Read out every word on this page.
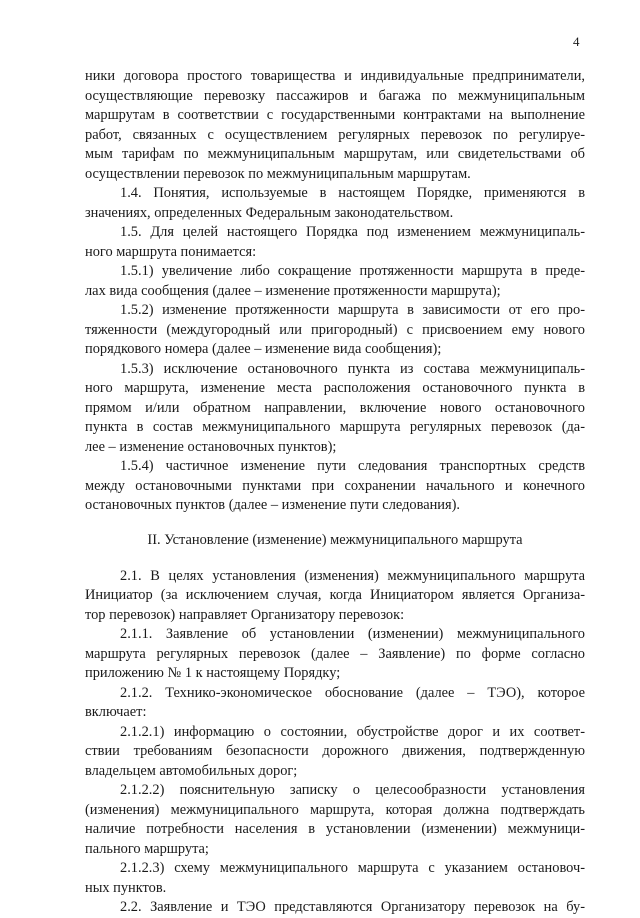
4
ники договора простого товарищества и индивидуальные предприниматели,
осуществляющие перевозку пассажиров и багажа по межмуниципальным
маршрутам в соответствии с государственными контрактами на выполнение
работ, связанных с осуществлением регулярных перевозок по регулируе-
мым тарифам по межмуниципальным маршрутам, или свидетельствами об
осуществлении перевозок по межмуниципальным маршрутам.
1.4. Понятия, используемые в настоящем Порядке, применяются в
значениях, определенных Федеральным законодательством.
1.5. Для целей настоящего Порядка под изменением межмуниципаль-
ного маршрута понимается:
1.5.1) увеличение либо сокращение протяженности маршрута в преде-
лах вида сообщения (далее – изменение протяженности маршрута);
1.5.2) изменение протяженности маршрута в зависимости от его про-
тяженности (междугородный или пригородный) с присвоением ему нового
порядкового номера (далее – изменение вида сообщения);
1.5.3) исключение остановочного пункта из состава межмуниципаль-
ного маршрута, изменение места расположения остановочного пункта в
прямом и/или обратном направлении, включение нового остановочного
пункта в состав межмуниципального маршрута регулярных перевозок (да-
лее – изменение остановочных пунктов);
1.5.4) частичное изменение пути следования транспортных средств
между остановочными пунктами при сохранении начального и конечного
остановочных пунктов (далее – изменение пути следования).
II. Установление (изменение) межмуниципального маршрута
2.1. В целях установления (изменения) межмуниципального маршрута
Инициатор (за исключением случая, когда Инициатором является Организа-
тор перевозок) направляет Организатору перевозок:
2.1.1. Заявление об установлении (изменении) межмуниципального
маршрута регулярных перевозок (далее – Заявление) по форме согласно
приложению № 1 к настоящему Порядку;
2.1.2. Технико-экономическое обоснование (далее – ТЭО), которое
включает:
2.1.2.1) информацию о состоянии, обустройстве дорог и их соответ-
ствии требованиям безопасности дорожного движения, подтвержденную
владельцем автомобильных дорог;
2.1.2.2) пояснительную записку о целесообразности установления
(изменения) межмуниципального маршрута, которая должна подтверждать
наличие потребности населения в установлении (изменении) межмуници-
пального маршрута;
2.1.2.3) схему межмуниципального маршрута с указанием остановоч-
ных пунктов.
2.2. Заявление и ТЭО представляются Организатору перевозок на бу-
